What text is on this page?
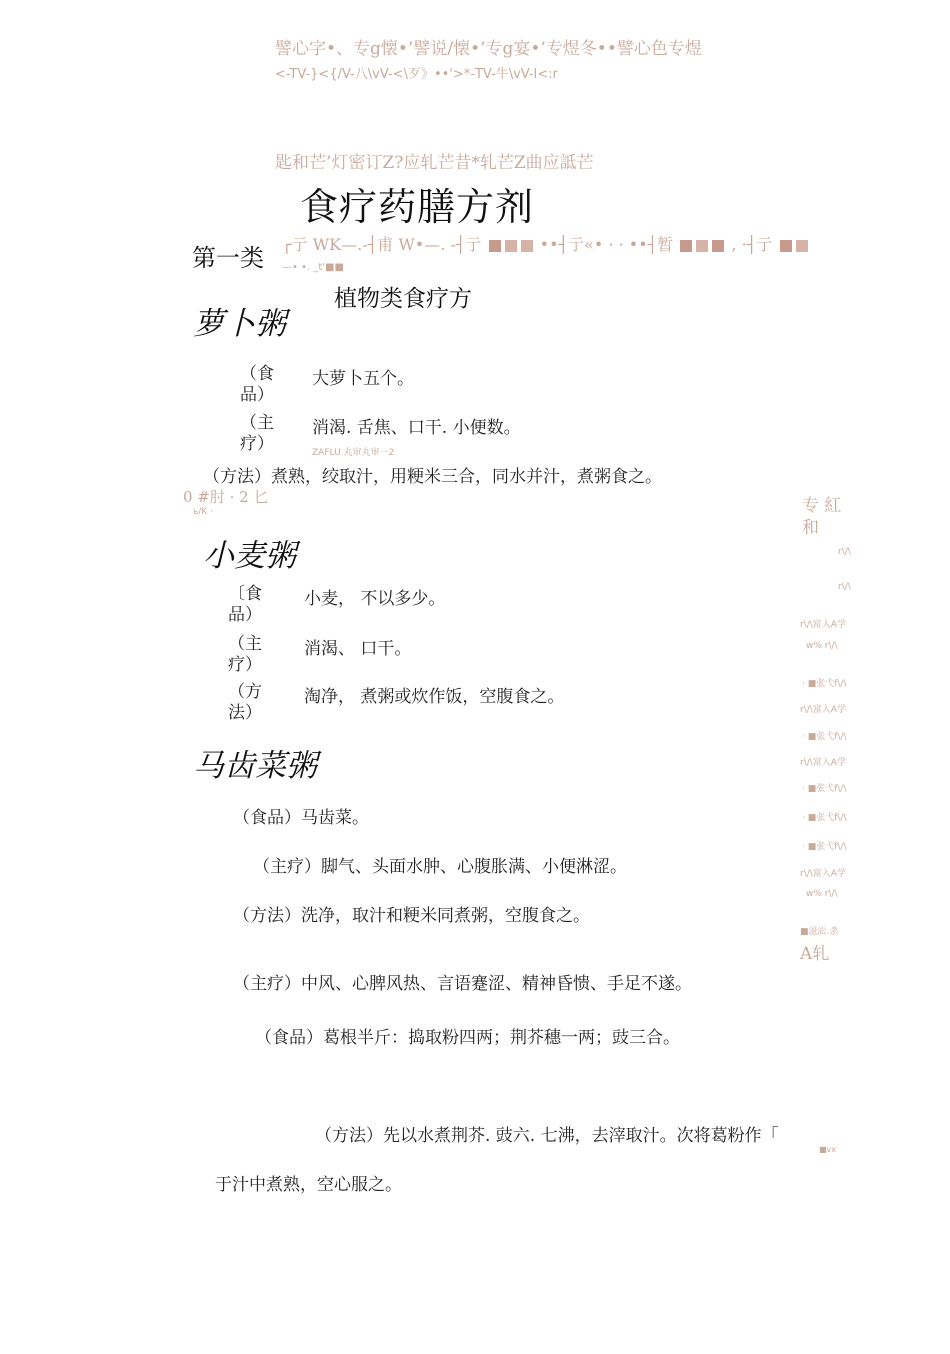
譬心字•、专g懐•’譬说/懐•’专g宴•’专煜冬••譬心色专煜
<-TV-}<{/V-八\vV-<\歹》••'>*-TV-牛\vV-l<:r
匙和芒’灯密订Z?应轧芒昔*轧芒Z曲应詆芒
食疗药膳方剂
第一类 ┌亍 WK—.-┤甫 W•—. -┤亍	••┤亍«• · · ••┤暂	, ·┤亍
—• •. _t'■■
植物类食疗方
萝卜粥
（食品）
大萝卜五个。
（主疗）
消渴. 舌焦、口干. 小便数。
ZAFLU 丸审丸审一2
（方法）煮熟，绞取汁，用粳米三合，同水并汁，煮粥食之。
0 #肘 · 2 匕
ь/K ·
小麦粥
〔食品）
小麦， 不以多少。
（主疗）
消渴、 口干。
（方法）
淘净， 煮粥或炊作饭，空腹食之。
马齿菜粥
（食品）马齿菜。
（主疗）脚气、头面水肿、心腹胀满、小便淋涩。
（方法）洗净，取汁和粳米同煮粥，空腹食之。
（主疗）中风、心脾风热、言语蹇涩、精神昏愦、手足不遂。
（食品）葛根半斤：捣取粉四两；荆芥穗一两；豉三合。
（方法）先以水煮荆芥. 豉六. 七沸，去滓取汁。次将葛粉作「
■vx
于汁中煮熟，空心服之。
专 紅
和
r\/\
r\/\
r\/\富入A学
w% r\/\
· ■张弋f\/\
r\/\富入A学
· ■张弋f\/\
r\/\富入A学
· ■张弋f\/\
· ■张弋f\/\
· ■张弋f\/\
r\/\富入A学
w% r\/\
■滋訟.杀
A轧
